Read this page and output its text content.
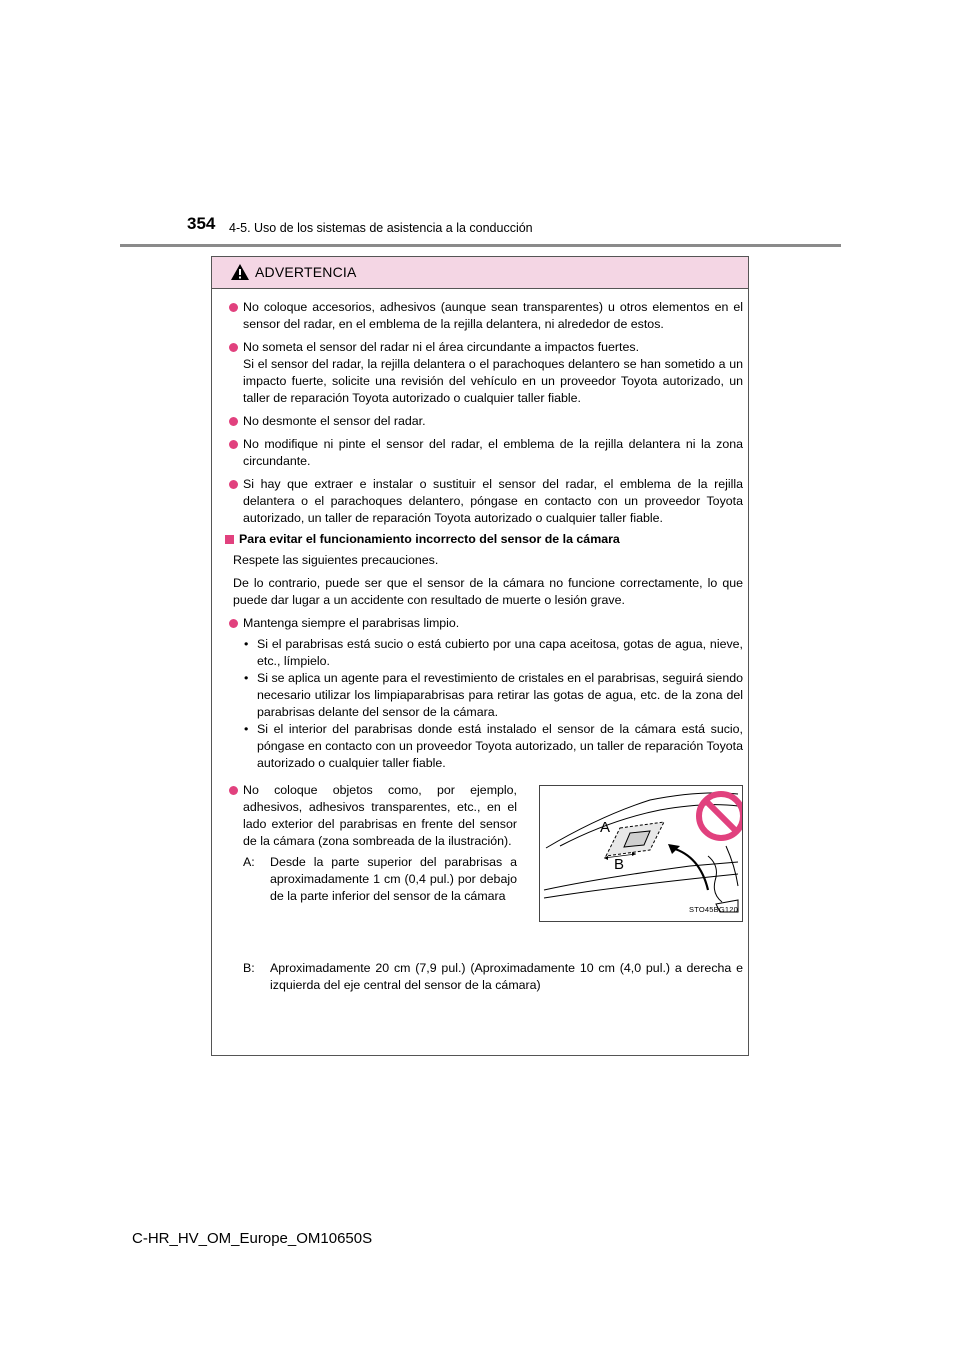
354 4-5. Uso de los sistemas de asistencia a la conducción
ADVERTENCIA
No coloque accesorios, adhesivos (aunque sean transparentes) u otros elementos en el sensor del radar, en el emblema de la rejilla delantera, ni alrededor de estos.
No someta el sensor del radar ni el área circundante a impactos fuertes.
Si el sensor del radar, la rejilla delantera o el parachoques delantero se han sometido a un impacto fuerte, solicite una revisión del vehículo en un proveedor Toyota autorizado, un taller de reparación Toyota autorizado o cualquier taller fiable.
No desmonte el sensor del radar.
No modifique ni pinte el sensor del radar, el emblema de la rejilla delantera ni la zona circundante.
Si hay que extraer e instalar o sustituir el sensor del radar, el emblema de la rejilla delantera o el parachoques delantero, póngase en contacto con un proveedor Toyota autorizado, un taller de reparación Toyota autorizado o cualquier taller fiable.
Para evitar el funcionamiento incorrecto del sensor de la cámara
Respete las siguientes precauciones.
De lo contrario, puede ser que el sensor de la cámara no funcione correctamente, lo que puede dar lugar a un accidente con resultado de muerte o lesión grave.
Mantenga siempre el parabrisas limpio.
• Si el parabrisas está sucio o está cubierto por una capa aceitosa, gotas de agua, nieve, etc., límpielo.
• Si se aplica un agente para el revestimiento de cristales en el parabrisas, seguirá siendo necesario utilizar los limpiaparabrisas para retirar las gotas de agua, etc. de la zona del parabrisas delante del sensor de la cámara.
• Si el interior del parabrisas donde está instalado el sensor de la cámara está sucio, póngase en contacto con un proveedor Toyota autorizado, un taller de reparación Toyota autorizado o cualquier taller fiable.
No coloque objetos como, por ejemplo, adhesivos, adhesivos transparentes, etc., en el lado exterior del parabrisas en frente del sensor de la cámara (zona sombreada de la ilustración).
A: Desde la parte superior del parabrisas a aproximadamente 1 cm (0,4 pul.) por debajo de la parte inferior del sensor de la cámara
A
B
STO45BG120
B: Aproximadamente 20 cm (7,9 pul.) (Aproximadamente 10 cm (4,0 pul.) a derecha e izquierda del eje central del sensor de la cámara)
C-HR_HV_OM_Europe_OM10650S
